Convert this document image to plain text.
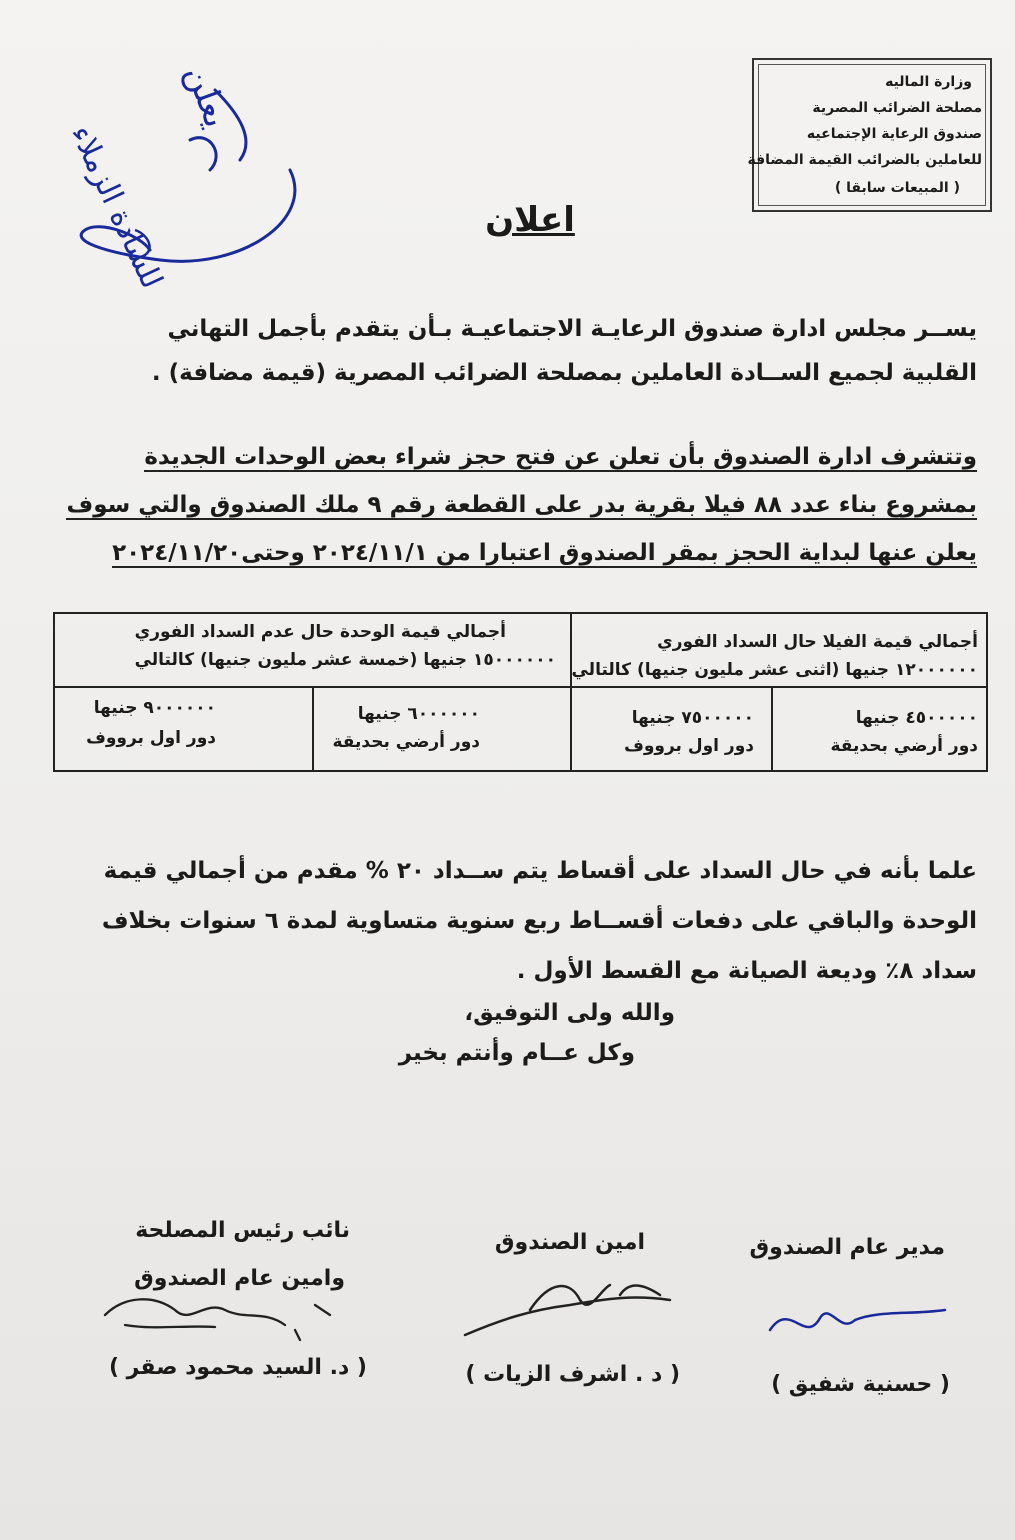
يعلن
للسادة الزملاء
وزارة الماليه
مصلحة الضرائب المصرية
صندوق الرعاية الإجتماعيه
للعاملين بالضرائب القيمة المضافة
( المبيعات سابقا )
اعلان
يســر مجلس ادارة صندوق الرعايـة الاجتماعيـة بـأن يتقدم بأجمل التهاني
القلبية لجميع الســادة العاملين بمصلحة الضرائب المصرية (قيمة مضافة) .
وتتشرف ادارة الصندوق بأن تعلن عن فتح حجز شراء بعض الوحدات الجديدة
بمشروع بناء عدد ٨٨ فيلا بقرية بدر على القطعة رقم ٩ ملك الصندوق والتي سوف
يعلن عنها لبداية الحجز بمقر الصندوق اعتبارا من ٢٠٢٤/١١/١ وحتى٢٠٢٤/١١/٢٠
أجمالي قيمة الفيلا حال السداد الفوري
١٢٠٠٠٠٠٠ جنيها (اثنى عشر مليون جنيها) كالتالي
أجمالي قيمة الوحدة حال عدم السداد الفوري
١٥٠٠٠٠٠٠ جنيها (خمسة عشر مليون جنيها) كالتالي
٤٥٠٠٠٠٠ جنيها
دور أرضي بحديقة
٧٥٠٠٠٠٠ جنيها
دور اول برووف
٦٠٠٠٠٠٠ جنيها
دور أرضي بحديقة
٩٠٠٠٠٠٠ جنيها
دور اول برووف
علما بأنه في حال السداد على أقساط يتم ســداد ٢٠ % مقدم من أجمالي قيمة
الوحدة والباقي على دفعات أقســاط ربع سنوية متساوية لمدة ٦ سنوات بخلاف
سداد ٨٪ وديعة الصيانة مع القسط الأول .
والله ولى التوفيق،
وكل عــام وأنتم بخير
مدير عام الصندوق
امين الصندوق
نائب رئيس المصلحة
وامين عام الصندوق
( حسنية شفيق )
( د . اشرف الزيات )
( د. السيد محمود صقر )
